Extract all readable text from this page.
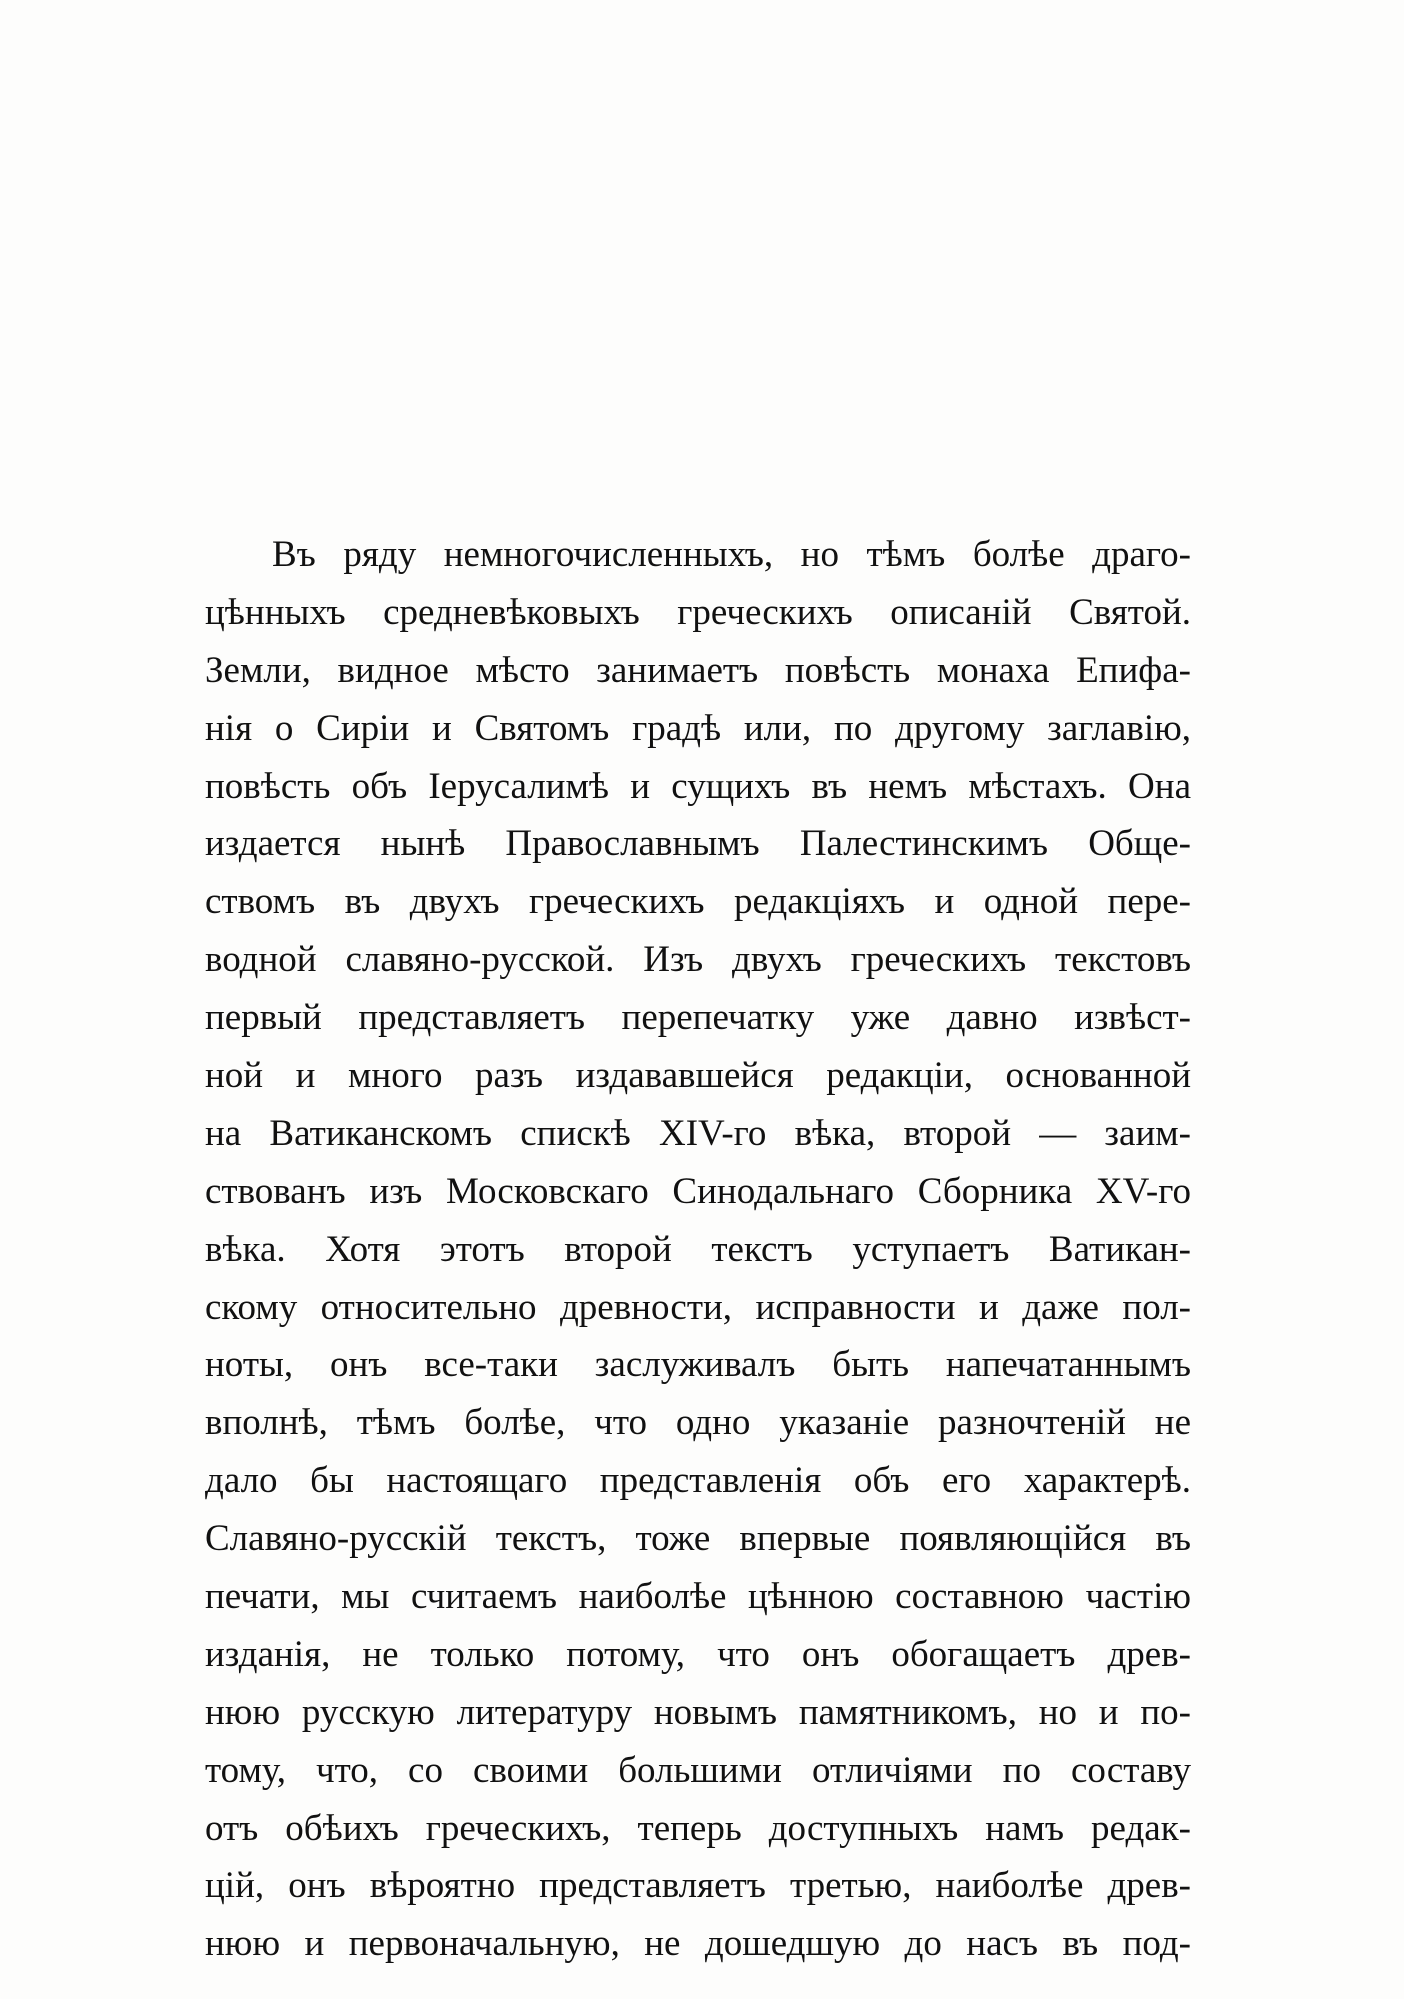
Въ ряду немногочисленныхъ, но тѣмъ болѣе драго-
цѣнныхъ средневѣковыхъ греческихъ описаній Святой.
Земли, видное мѣсто занимаетъ повѣсть монаха Епифа-
нія о Сиріи и Святомъ градѣ или, по другому заглавію,
повѣсть объ Іерусалимѣ и сущихъ въ немъ мѣстахъ. Она
издается нынѣ Православнымъ Палестинскимъ Обще-
ствомъ въ двухъ греческихъ редакціяхъ и одной пере-
водной славяно-русской. Изъ двухъ греческихъ текстовъ
первый представляетъ перепечатку уже давно извѣст-
ной и много разъ издававшейся редакціи, основанной
на Ватиканскомъ спискѣ XIV-го вѣка, второй — заим-
ствованъ изъ Московскаго Синодальнаго Сборника XV-го
вѣка. Хотя этотъ второй текстъ уступаетъ Ватикан-
скому относительно древности, исправности и даже пол-
ноты, онъ все-таки заслуживалъ быть напечатаннымъ
вполнѣ, тѣмъ болѣе, что одно указаніе разночтеній не
дало бы настоящаго представленія объ его характерѣ.
Славяно-русскій текстъ, тоже впервые появляющійся въ
печати, мы считаемъ наиболѣе цѣнною составною частію
изданія, не только потому, что онъ обогащаетъ древ-
нюю русскую литературу новымъ памятникомъ, но и по-
тому, что, со своими большими отличіями по составу
отъ обѣихъ греческихъ, теперь доступныхъ намъ редак-
цій, онъ вѣроятно представляетъ третью, наиболѣе древ-
нюю и первоначальную, не дошедшую до насъ въ под-
